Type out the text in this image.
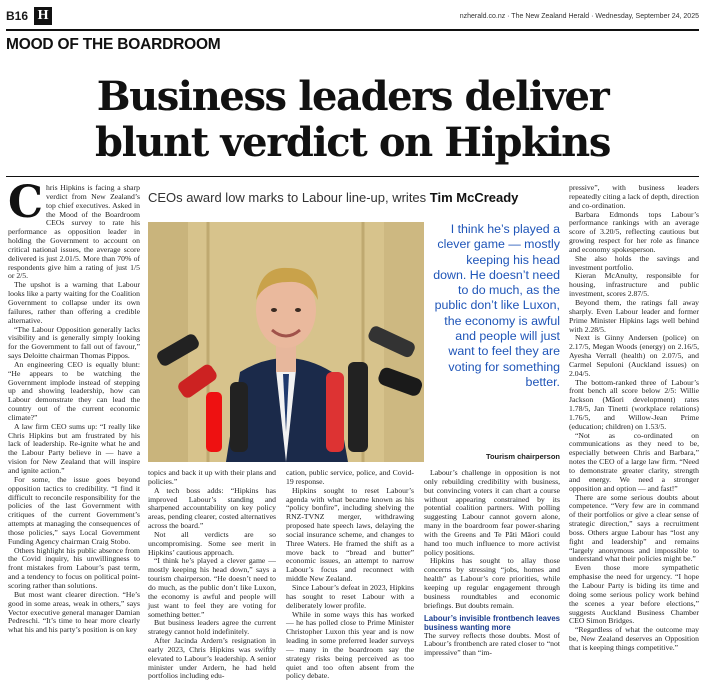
B16 H	nzherald.co.nz · The New Zealand Herald · Wednesday, September 24, 2025
MOOD OF THE BOARDROOM
Business leaders deliver
blunt verdict on Hipkins
C hris Hipkins is facing a sharp verdict from New Zealand’s top chief executives. Asked in the Mood of the Boardroom CEOs survey to rate his performance as opposition leader in holding the Government to account on critical national issues, the average score delivered is just 2.01/5. More than 70% of respondents give him a rating of just 1/5 or 2/5.

The upshot is a warning that Labour looks like a party waiting for the Coalition Government to collapse under its own failures, rather than offering a credible alternative.

“The Labour Opposition generally lacks visibility and is generally simply looking for the Government to fall out of favour,” says Deloitte chairman Thomas Pippos.

An engineering CEO is equally blunt: “He appears to be watching the Government implode instead of stepping up and showing leadership, how can Labour demonstrate they can lead the country out of the current economic climate?”

A law firm CEO sums up: “I really like Chris Hipkins but am frustrated by his lack of leadership. Re-ignite what he and the Labour Party believe in — have a vision for New Zealand that will inspire and ignite action.”

For some, the issue goes beyond opposition tactics to credibility. “I find it difficult to reconcile responsibility for the policies of the last Government with critiques of the current Government’s attempts at managing the consequences of those policies,” says Local Government Funding Agency chairman Craig Stobo.

Others highlight his public absence from the Covid inquiry, his unwillingness to front mistakes from Labour’s past term, and a tendency to focus on political point-scoring rather than solutions.

But most want clearer direction. “He’s good in some areas, weak in others,” says Vector executive general manager Damian Pedreschi. “It’s time to hear more clearly what his and his party’s position is on key

CEOs award low marks to Labour line-up, writes Tim McCready
I think he’s played a clever game — mostly keeping his head down. He doesn’t need to do much, as the public don’t like Luxon, the economy is awful and people will just want to feel they are voting for something better.
Tourism chairperson

topics and back it up with their plans and policies.”

A tech boss adds: “Hipkins has improved Labour’s standing and sharpened accountability on key policy areas, pending clearer, costed alternatives across the board.”

Not all verdicts are so uncompromising. Some see merit in Hipkins’ cautious approach.

“I think he’s played a clever game — mostly keeping his head down,” says a tourism chairperson. “He doesn’t need to do much, as the public don’t like Luxon, the economy is awful and people will just want to feel they are voting for something better.”

But business leaders agree the current strategy cannot hold indefinitely.

After Jacinda Ardern’s resignation in early 2023, Chris Hipkins was swiftly elevated to Labour’s leadership. A senior minister under Ardern, he had held portfolios including edu-

cation, public service, police, and Covid-19 response.

Hipkins sought to reset Labour’s agenda with what became known as his “policy bonfire”, including shelving the RNZ-TVNZ merger, withdrawing proposed hate speech laws, delaying the social insurance scheme, and changes to Three Waters. He framed the shift as a move back to “bread and butter” economic issues, an attempt to narrow Labour’s focus and reconnect with middle New Zealand.

Since Labour’s defeat in 2023, Hipkins has sought to reset Labour with a deliberately lower profile.

While in some ways this has worked — he has polled close to Prime Minister Christopher Luxon this year and is now leading in some preferred leader surveys — many in the boardroom say the strategy risks being perceived as too quiet and too often absent from the policy debate.

Labour’s challenge in opposition is not only rebuilding credibility with business, but convincing voters it can chart a course without appearing constrained by its potential coalition partners. With polling suggesting Labour cannot govern alone, many in the boardroom fear power-sharing with the Greens and Te Pāti Māori could hand too much influence to more activist policy positions.

Hipkins has sought to allay those concerns by stressing “jobs, homes and health” as Labour’s core priorities, while keeping up regular engagement through business roundtables and economic briefings. But doubts remain.

Labour’s invisible frontbench leaves business wanting more

The survey reflects those doubts. Most of Labour’s frontbench are rated closer to “not impressive” than “im-

pressive”, with business leaders repeatedly citing a lack of depth, direction and co-ordination.

Barbara Edmonds tops Labour’s performance rankings with an average score of 3.20/5, reflecting cautious but growing respect for her role as finance and economy spokesperson.

She also holds the savings and investment portfolio.

Kieran McAnulty, responsible for housing, infrastructure and public investment, scores 2.87/5.

Beyond them, the ratings fall away sharply. Even Labour leader and former Prime Minister Hipkins lags well behind with 2.28/5.

Next is Ginny Andersen (police) on 2.17/5, Megan Woods (energy) on 2.16/5, Ayesha Verrall (health) on 2.07/5, and Carmel Sepuloni (Auckland issues) on 2.04/5.

The bottom-ranked three of Labour’s front bench all score below 2/5: Willie Jackson (Māori development) rates 1.78/5, Jan Tinetti (workplace relations) 1.76/5, and Willow-Jean Prime (education; children) on 1.53/5.

“Not as co-ordinated on communications as they need to be, especially between Chris and Barbara,” notes the CEO of a large law firm. “Need to demonstrate greater clarity, strength and energy. We need a stronger opposition and option — and fast!”

There are some serious doubts about competence. “Very few are in command of their portfolios or give a clear sense of strategic direction,” says a recruitment boss. Others argue Labour has “lost any fight and leadership” and remains “largely anonymous and impossible to understand what their policies might be.”

Even those more sympathetic emphasise the need for urgency. “I hope the Labour Party is biding its time and doing some serious policy work behind the scenes a year before elections,” suggests Auckland Business Chamber CEO Simon Bridges.

“Regardless of what the outcome may be, New Zealand deserves an Opposition that is keeping things competitive.”
